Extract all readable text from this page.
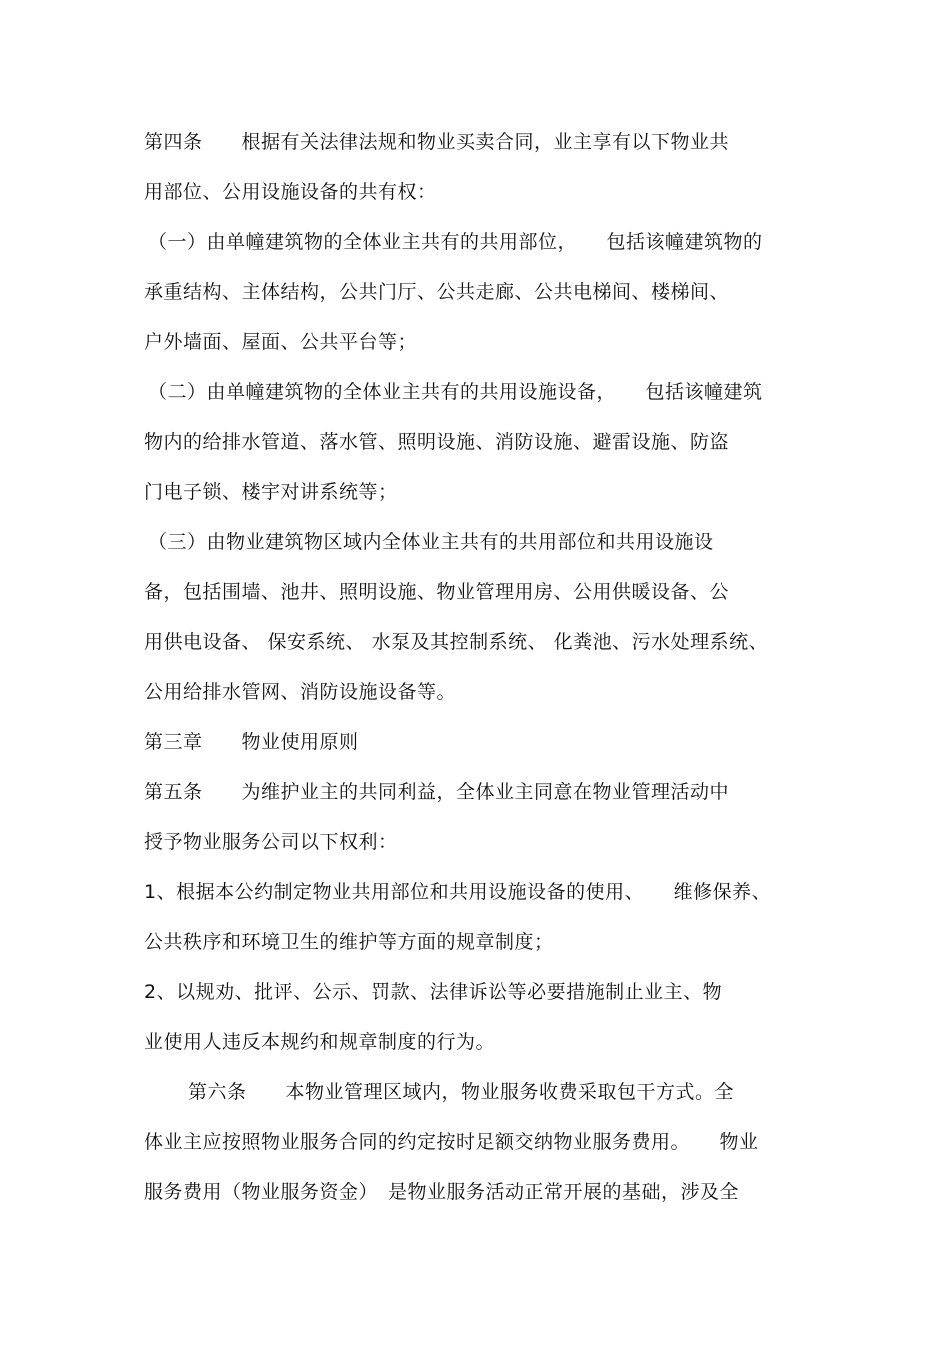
第四条　　根据有关法律法规和物业买卖合同，业主享有以下物业共
用部位、公用设施设备的共有权：
（一）由单幢建筑物的全体业主共有的共用部位，　　包括该幢建筑物的
承重结构、主体结构，公共门厅、公共走廊、公共电梯间、楼梯间、
户外墙面、屋面、公共平台等；
（二）由单幢建筑物的全体业主共有的共用设施设备，　　包括该幢建筑
物内的给排水管道、落水管、照明设施、消防设施、避雷设施、防盗
门电子锁、楼宇对讲系统等；
（三）由物业建筑物区域内全体业主共有的共用部位和共用设施设
备，包括围墙、池井、照明设施、物业管理用房、公用供暖设备、公
用供电设备、 保安系统、 水泵及其控制系统、 化粪池、污水处理系统、
公用给排水管网、消防设施设备等。
第三章　　物业使用原则
第五条　　为维护业主的共同利益，全体业主同意在物业管理活动中
授予物业服务公司以下权利：
1、根据本公约制定物业共用部位和共用设施设备的使用、　　维修保养、
公共秩序和环境卫生的维护等方面的规章制度；
2、以规劝、批评、公示、罚款、法律诉讼等必要措施制止业主、物
业使用人违反本规约和规章制度的行为。
第六条　　本物业管理区域内，物业服务收费采取包干方式。全
体业主应按照物业服务合同的约定按时足额交纳物业服务费用。　　物业
服务费用（物业服务资金）　是物业服务活动正常开展的基础，涉及全
